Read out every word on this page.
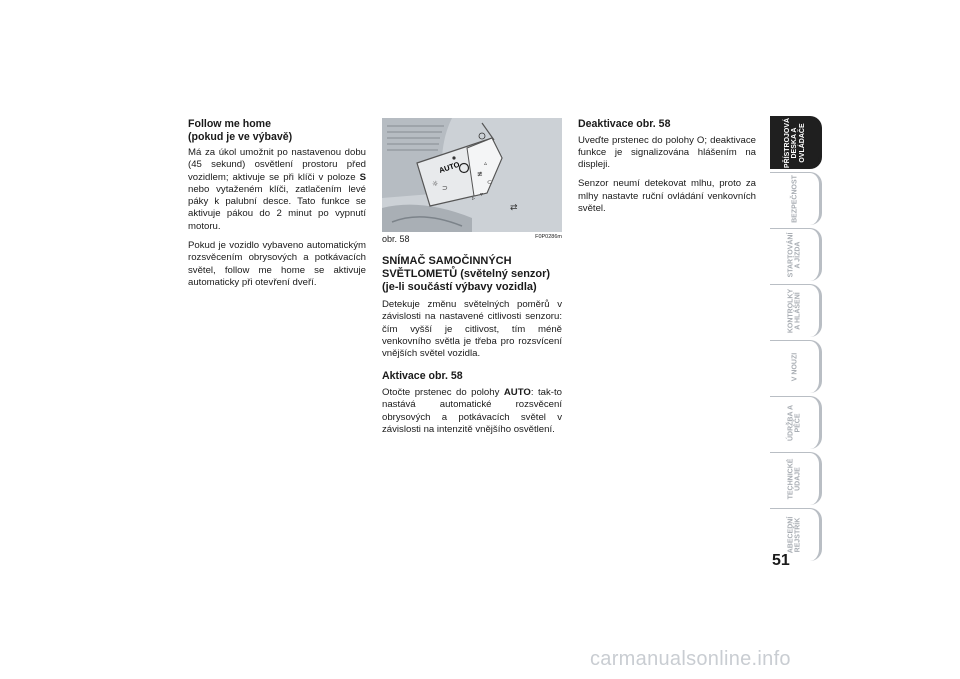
Follow me home
(pokud je ve výbavě)

Má za úkol umožnit po nastavenou dobu (45 sekund) osvětlení prostoru před vozidlem; aktivuje se při klíči v poloze S nebo vytaženém klíči, zatlačením levé páky k palubní desce. Tato funkce se aktivuje pákou do 2 minut po vypnutí motoru.

Pokud je vozidlo vybaveno automatickým rozsvěcením obrysových a potkávacích světel, follow me home se aktivuje automaticky při otevření dveří.

AUTO
☼ ⊃
≢
⊂
▵
▿
▹
⇄
obr. 58	F0P0286m
SNÍMAČ SAMOČINNÝCH
SVĚTLOMETŮ (světelný senzor)
(je-li součástí výbavy vozidla)

Detekuje změnu světelných poměrů v závislosti na nastavené citlivosti senzoru: čím vyšší je citlivost, tím méně venkovního světla je třeba pro rozsvícení vnějších světel vozidla.

Aktivace obr. 58

Otočte prstenec do polohy AUTO: tak-to nastává automatické rozsvěcení obrysových a potkávacích světel v závislosti na intenzitě vnějšího osvětlení.

Deaktivace obr. 58

Uveďte prstenec do polohy O; deaktivace funkce je signalizována hlášením na displeji.

Senzor neumí detekovat mlhu, proto za mlhy nastavte ruční ovládání venkovních světel.

PŘÍSTROJOVÁ
DESKA A
OVLÁDAČE
BEZPEČNOST
STARTOVÁNÍ
A JÍZDA
KONTROLKY
A HLÁŠENÍ
V NOUZI
ÚDRŽBA A
PÉČE
TECHNICKÉ
ÚDAJE
ABECEDNÍ
REJSTŘÍK
51
carmanualsonline.info
